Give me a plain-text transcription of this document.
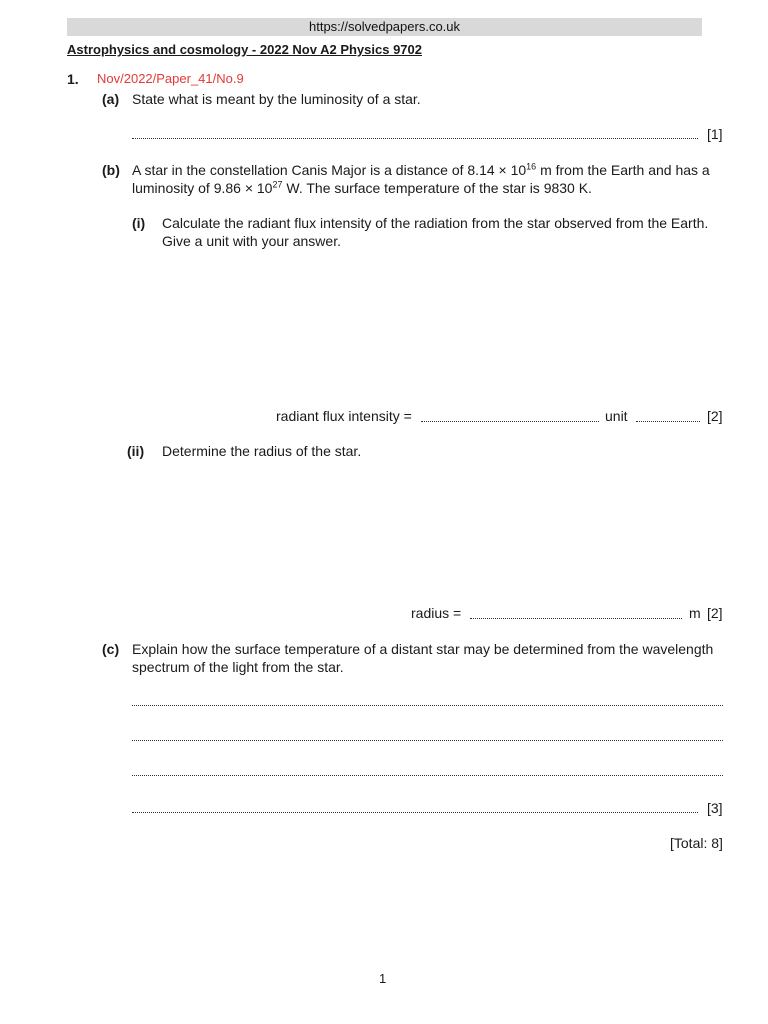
https://solvedpapers.co.uk
Astrophysics and cosmology - 2022 Nov A2 Physics 9702
1. Nov/2022/Paper_41/No.9
(a) State what is meant by the luminosity of a star.
[1]
(b) A star in the constellation Canis Major is a distance of $8.14 \times 10^{16}$ m from the Earth and has a
luminosity of $9.86 \times 10^{27}$ W. The surface temperature of the star is 9830 K.
(i) Calculate the radiant flux intensity of the radiation from the star observed from the Earth.
Give a unit with your answer.
radiant flux intensity =	unit	[2]
(ii) Determine the radius of the star.
radius =	m [2]
(c) Explain how the surface temperature of a distant star may be determined from the wavelength
spectrum of the light from the star.
[3]
[Total: 8]
1
